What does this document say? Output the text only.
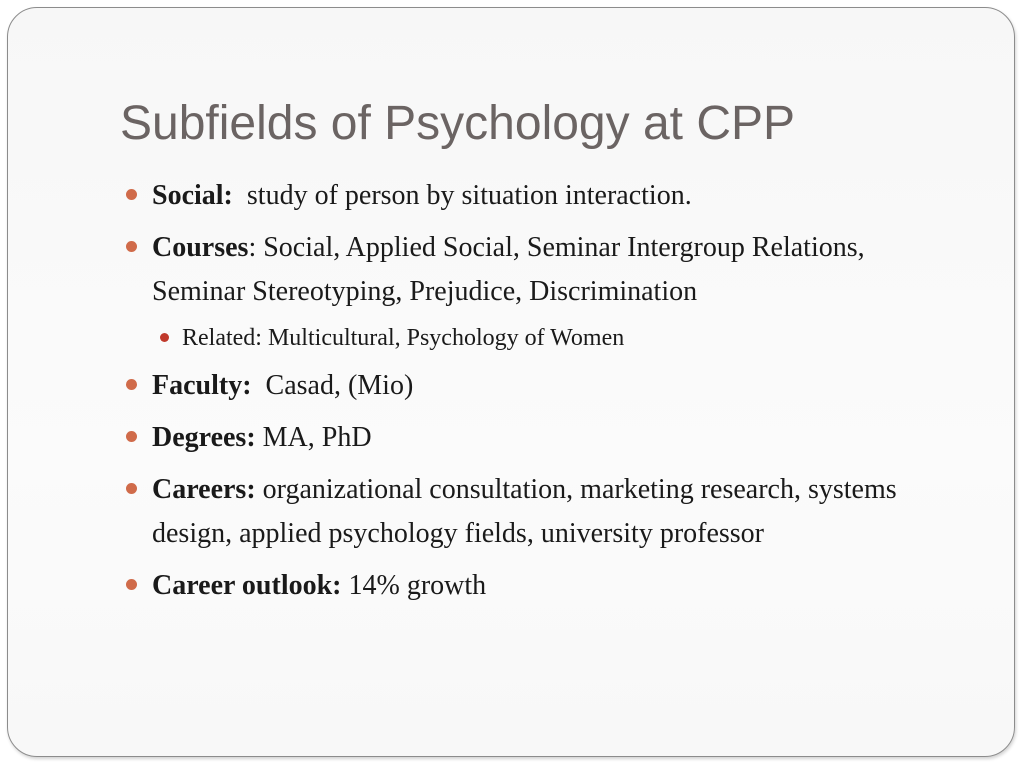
Subfields of Psychology at CPP
Social: study of person by situation interaction.
Courses: Social, Applied Social, Seminar Intergroup Relations, Seminar Stereotyping, Prejudice, Discrimination
Related: Multicultural, Psychology of Women
Faculty: Casad, (Mio)
Degrees: MA, PhD
Careers: organizational consultation, marketing research, systems design, applied psychology fields, university professor
Career outlook: 14% growth
